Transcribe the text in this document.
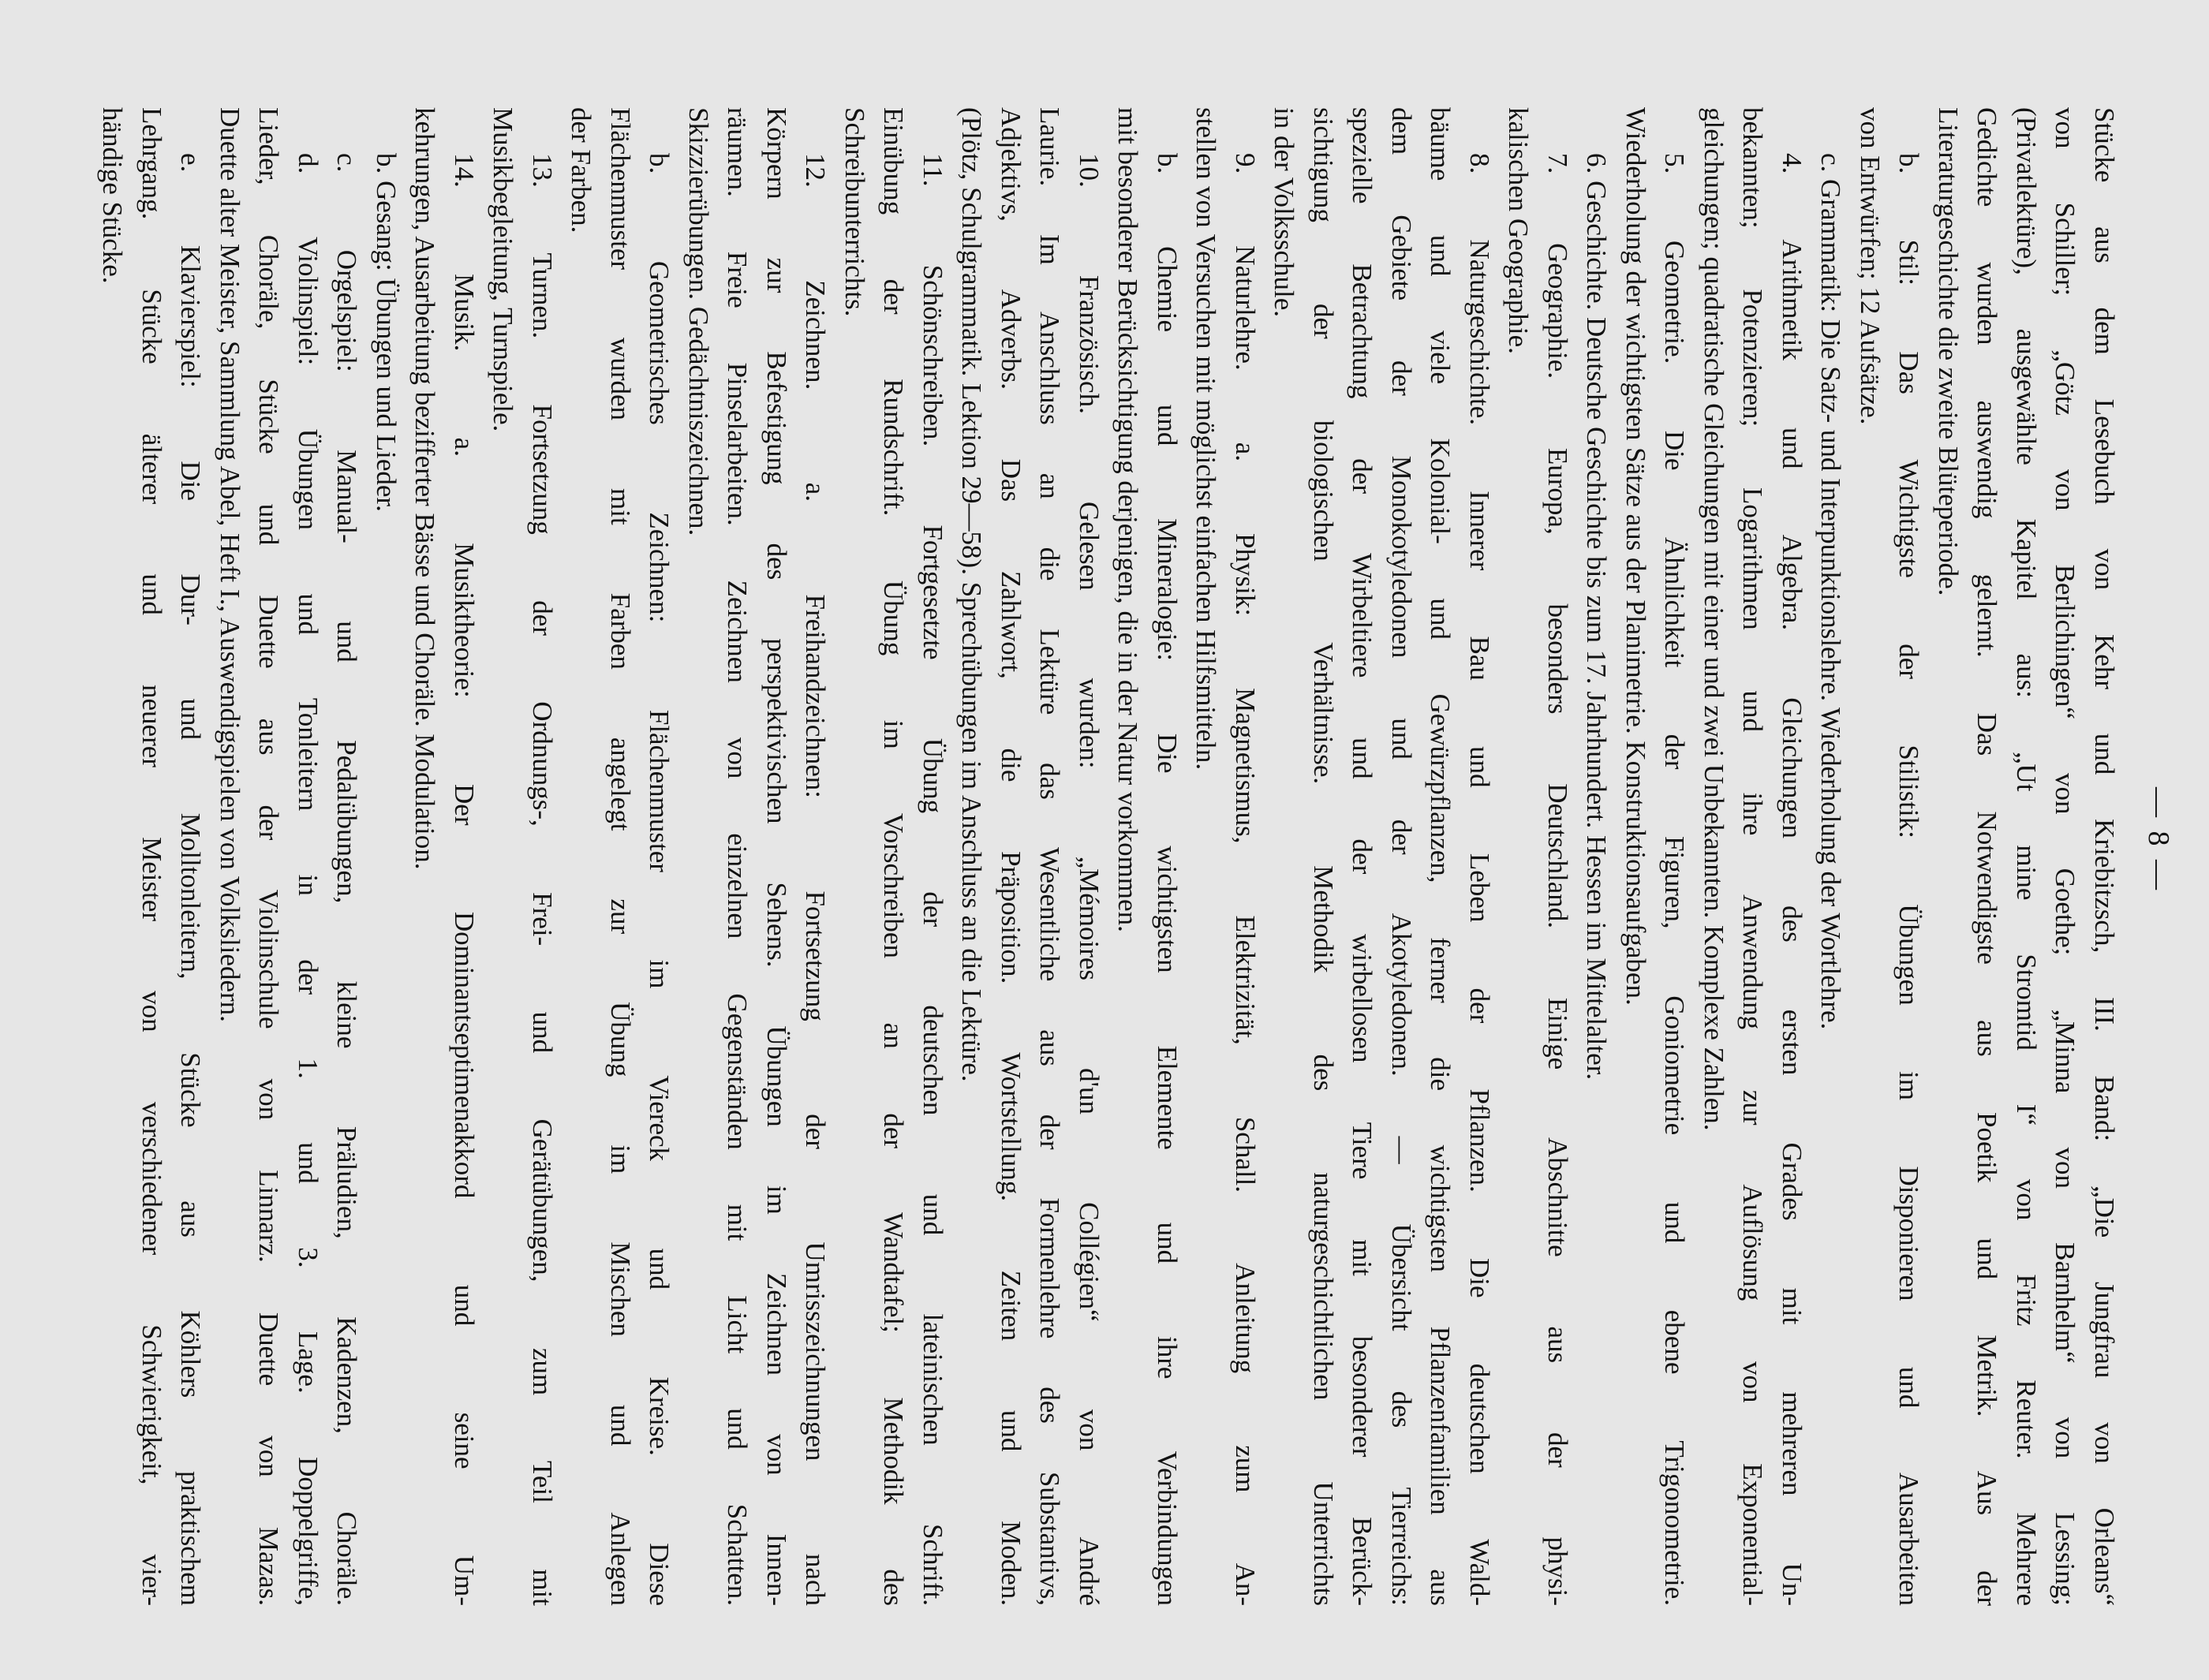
— 8 —
Stücke aus dem Lesebuch von Kehr und Kriebitzsch, III. Band: „Die Jungfrau von Orleans“
von Schiller; „Götz von Berlichingen“ von Goethe; „Minna von Barnhelm“ von Lessing;
(Privatlektüre), ausgewählte Kapitel aus: „Ut mine Stromtid I“ von Fritz Reuter. Mehrere
Gedichte wurden auswendig gelernt. Das Notwendigste aus Poetik und Metrik. Aus der
Literaturgeschichte die zweite Blüteperiode.
b. Stil: Das Wichtigste der Stilistik: Übungen im Disponieren und Ausarbeiten
von Entwürfen; 12 Aufsätze.
c. Grammatik: Die Satz- und Interpunktionslehre. Wiederholung der Wortlehre.
4. Arithmetik und Algebra. Gleichungen des ersten Grades mit mehreren Un-
bekannten; Potenzieren; Logarithmen und ihre Anwendung zur Auflösung von Exponential-
gleichungen; quadratische Gleichungen mit einer und zwei Unbekannten. Komplexe Zahlen.
5. Geometrie. Die Ähnlichkeit der Figuren, Goniometrie und ebene Trigonometrie.
Wiederholung der wichtigsten Sätze aus der Planimetrie. Konstruktionsaufgaben.
6. Geschichte. Deutsche Geschichte bis zum 17. Jahrhundert. Hessen im Mittelalter.
7. Geographie. Europa, besonders Deutschland. Einige Abschnitte aus der physi-
kalischen Geographie.
8. Naturgeschichte. Innerer Bau und Leben der Pflanzen. Die deutschen Wald-
bäume und viele Kolonial- und Gewürzpflanzen, ferner die wichtigsten Pflanzenfamilien aus
dem Gebiete der Monokotyledonen und der Akotyledonen. — Übersicht des Tierreichs:
spezielle Betrachtung der Wirbeltiere und der wirbellosen Tiere mit besonderer Berück-
sichtigung der biologischen Verhältnisse. Methodik des naturgeschichtlichen Unterrichts
in der Volksschule.
9. Naturlehre. a. Physik: Magnetismus, Elektrizität, Schall. Anleitung zum An-
stellen von Versuchen mit möglichst einfachen Hilfsmitteln.
b. Chemie und Mineralogie: Die wichtigsten Elemente und ihre Verbindungen
mit besonderer Berücksichtigung derjenigen, die in der Natur vorkommen.
10. Französisch. Gelesen wurden: „Mémoires d'un Collégien“ von André
Laurie. Im Anschluss an die Lektüre das Wesentliche aus der Formenlehre des Substantivs,
Adjektivs, Adverbs. Das Zahlwort, die Präposition. Wortstellung. Zeiten und Moden.
(Plötz, Schulgrammatik. Lektion 29—58). Sprechübungen im Anschluss an die Lektüre.
11. Schönschreiben. Fortgesetzte Übung der deutschen und lateinischen Schrift.
Einübung der Rundschrift. Übung im Vorschreiben an der Wandtafel; Methodik des
Schreibunterrichts.
12. Zeichnen. a. Freihandzeichnen: Fortsetzung der Umrisszeichnungen nach
Körpern zur Befestigung des perspektivischen Sehens. Übungen im Zeichnen von Innen-
räumen. Freie Pinselarbeiten. Zeichnen von einzelnen Gegenständen mit Licht und Schatten.
Skizzierübungen. Gedächtniszeichnen.
b. Geometrisches Zeichnen: Flächenmuster im Viereck und Kreise. Diese
Flächenmuster wurden mit Farben angelegt zur Übung im Mischen und Anlegen
der Farben.
13. Turnen. Fortsetzung der Ordnungs-, Frei- und Gerätübungen, zum Teil mit
Musikbegleitung, Turnspiele.
14. Musik. a. Musiktheorie: Der Dominantseptimenakkord und seine Um-
kehrungen, Ausarbeitung bezifferter Bässe und Choräle. Modulation.
b. Gesang: Übungen und Lieder.
c. Orgelspiel: Manual- und Pedalübungen, kleine Präludien, Kadenzen, Choräle.
d. Violinspiel: Übungen und Tonleitern in der 1. und 3. Lage. Doppelgriffe,
Lieder, Choräle, Stücke und Duette aus der Violinschule von Linnarz. Duette von Mazas.
Duette alter Meister, Sammlung Abel, Heft I., Auswendigspielen von Volksliedern.
e. Klavierspiel: Die Dur- und Molltonleitern, Stücke aus Köhlers praktischem
Lehrgang. Stücke älterer und neuerer Meister von verschiedener Schwierigkeit, vier-
händige Stücke.
